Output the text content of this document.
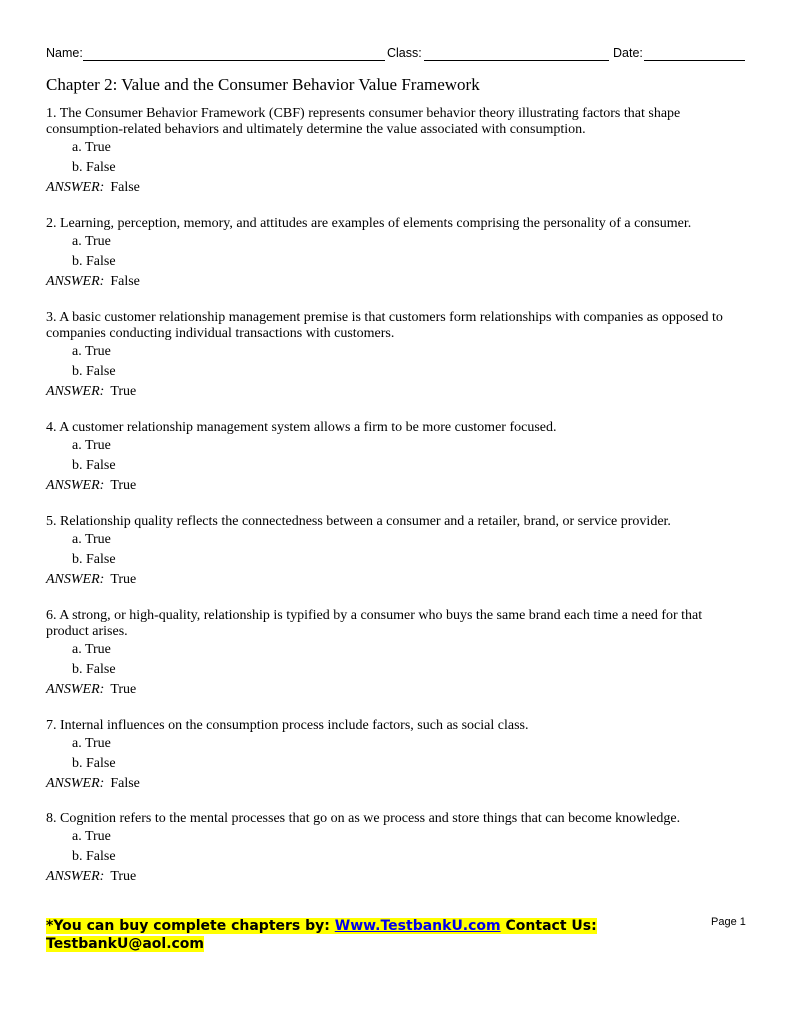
Name:	Class:	Date:
Chapter 2: Value and the Consumer Behavior Value Framework

1. The Consumer Behavior Framework (CBF) represents consumer behavior theory illustrating factors that shape consumption-related behaviors and ultimately determine the value associated with consumption.

a. True

b. False

ANSWER: False

2. Learning, perception, memory, and attitudes are examples of elements comprising the personality of a consumer.

a. True

b. False

ANSWER: False

3. A basic customer relationship management premise is that customers form relationships with companies as opposed to companies conducting individual transactions with customers.

a. True

b. False

ANSWER: True

4. A customer relationship management system allows a firm to be more customer focused.

a. True

b. False

ANSWER: True

5. Relationship quality reflects the connectedness between a consumer and a retailer, brand, or service provider.

a. True

b. False

ANSWER: True

6. A strong, or high-quality, relationship is typified by a consumer who buys the same brand each time a need for that product arises.

a. True

b. False

ANSWER: True

7. Internal influences on the consumption process include factors, such as social class.

a. True

b. False

ANSWER: False

8. Cognition refers to the mental processes that go on as we process and store things that can become knowledge.

a. True

b. False

ANSWER: True

*You can buy complete chapters by: Www.TestbankU.com Contact Us:
TestbankU@aol.com
Page 1
